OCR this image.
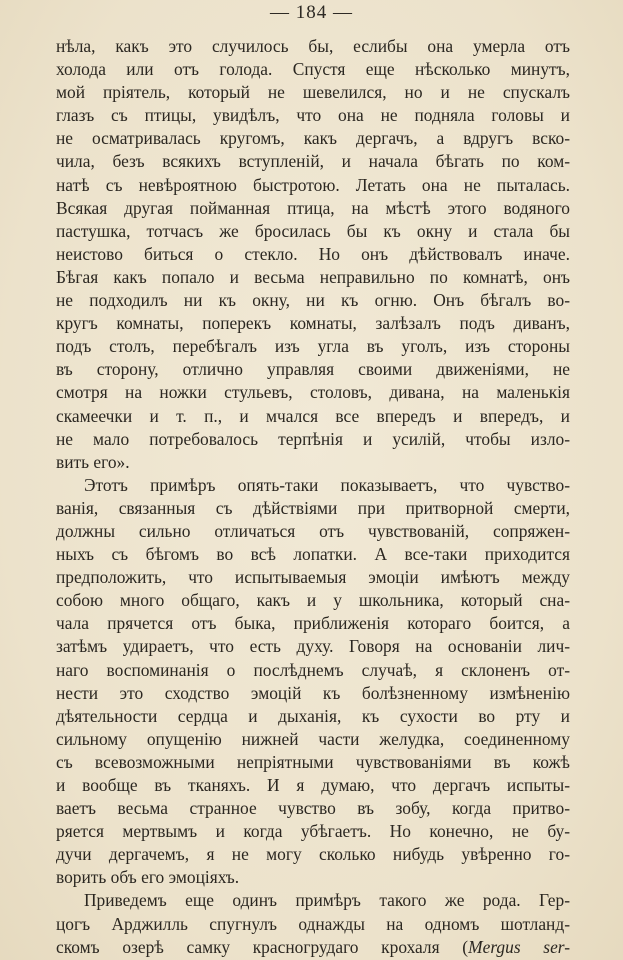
— 184 —
нѣла, какъ это случилось бы, еслибы она умерла отъ
холода или отъ голода. Спустя еще нѣсколько минутъ,
мой пріятель, который не шевелился, но и не спускалъ
глазъ съ птицы, увидѣлъ, что она не подняла головы и
не осматривалась кругомъ, какъ дергачъ, а вдругъ вско-
чила, безъ всякихъ вступленій, и начала бѣгать по ком-
натѣ съ невѣроятною быстротою. Летать она не пыталась.
Всякая другая пойманная птица, на мѣстѣ этого водяного
пастушка, тотчасъ же бросилась бы къ окну и стала бы
неистово биться о стекло. Но онъ дѣйствовалъ иначе.
Бѣгая какъ попало и весьма неправильно по комнатѣ, онъ
не подходилъ ни къ окну, ни къ огню. Онъ бѣгалъ во-
кругъ комнаты, поперекъ комнаты, залѣзалъ подъ диванъ,
подъ столъ, перебѣгалъ изъ угла въ уголъ, изъ стороны
въ сторону, отлично управляя своими движеніями, не
смотря на ножки стульевъ, столовъ, дивана, на маленькія
скамеечки и т. п., и мчался все впередъ и впередъ, и
не мало потребовалось терпѣнія и усилій, чтобы изло-
вить его».
Этотъ примѣръ опять-таки показываетъ, что чувство-
ванія, связанныя съ дѣйствіями при притворной смерти,
должны сильно отличаться отъ чувствованій, сопряжен-
ныхъ съ бѣгомъ во всѣ лопатки. А все-таки приходится
предположить, что испытываемыя эмоціи имѣютъ между
собою много общаго, какъ и у школьника, который сна-
чала прячется отъ быка, приближенія котораго боится, а
затѣмъ удираетъ, что есть духу. Говоря на основаніи лич-
наго воспоминанія о послѣднемъ случаѣ, я склоненъ от-
нести это сходство эмоцій къ болѣзненному измѣненію
дѣятельности сердца и дыханія, къ сухости во рту и
сильному опущенію нижней части желудка, соединенному
съ всевозможными непріятными чувствованіями въ кожѣ
и вообще въ тканяхъ. И я думаю, что дергачъ испыты-
ваетъ весьма странное чувство въ зобу, когда притво-
ряется мертвымъ и когда убѣгаетъ. Но конечно, не бу-
дучи дергачемъ, я не могу сколько нибудь увѣренно го-
ворить объ его эмоціяхъ.
Приведемъ еще одинъ примѣръ такого же рода. Гер-
цогъ Арджилль спугнулъ однажды на одномъ шотланд-
скомъ озерѣ самку красногрудаго крохаля (Mergus ser-
